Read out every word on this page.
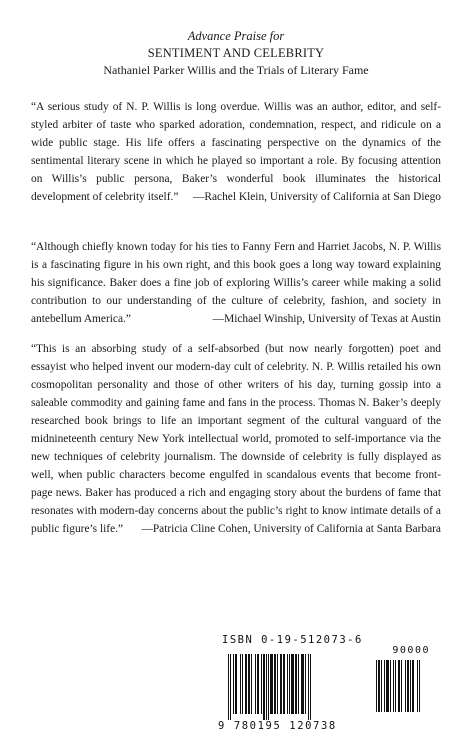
Advance Praise for
SENTIMENT AND CELEBRITY
Nathaniel Parker Willis and the Trials of Literary Fame
“A serious study of N. P. Willis is long overdue. Willis was an author, editor, and self-styled arbiter of taste who sparked adoration, condemnation, respect, and ridicule on a wide public stage. His life offers a fascinating perspective on the dynamics of the sentimental literary scene in which he played so important a role. By focusing attention on Willis’s public persona, Baker’s wonderful book illuminates the historical development of celebrity itself.” —Rachel Klein, University of California at San Diego
“Although chiefly known today for his ties to Fanny Fern and Harriet Jacobs, N. P. Willis is a fascinating figure in his own right, and this book goes a long way toward explaining his significance. Baker does a fine job of exploring Willis’s career while making a solid contribution to our understanding of the culture of celebrity, fashion, and society in antebellum America.”	—Michael Winship, University of Texas at Austin
“This is an absorbing study of a self-absorbed (but now nearly forgotten) poet and essayist who helped invent our modern-day cult of celebrity. N. P. Willis retailed his own cosmopolitan personality and those of other writers of his day, turning gossip into a saleable commodity and gaining fame and fans in the process. Thomas N. Baker’s deeply researched book brings to life an important segment of the cultural vanguard of the midnineteenth century New York intellectual world, promoted to self-importance via the new techniques of celebrity journalism. The downside of celebrity is fully displayed as well, when public characters become engulfed in scandalous events that become front-page news. Baker has produced a rich and engaging story about the burdens of fame that resonates with modern-day concerns about the public’s right to know intimate details of a public figure’s life.” —Patricia Cline Cohen, University of California at Santa Barbara
ISBN 0-19-512073-6
90000
9 780195 120738
